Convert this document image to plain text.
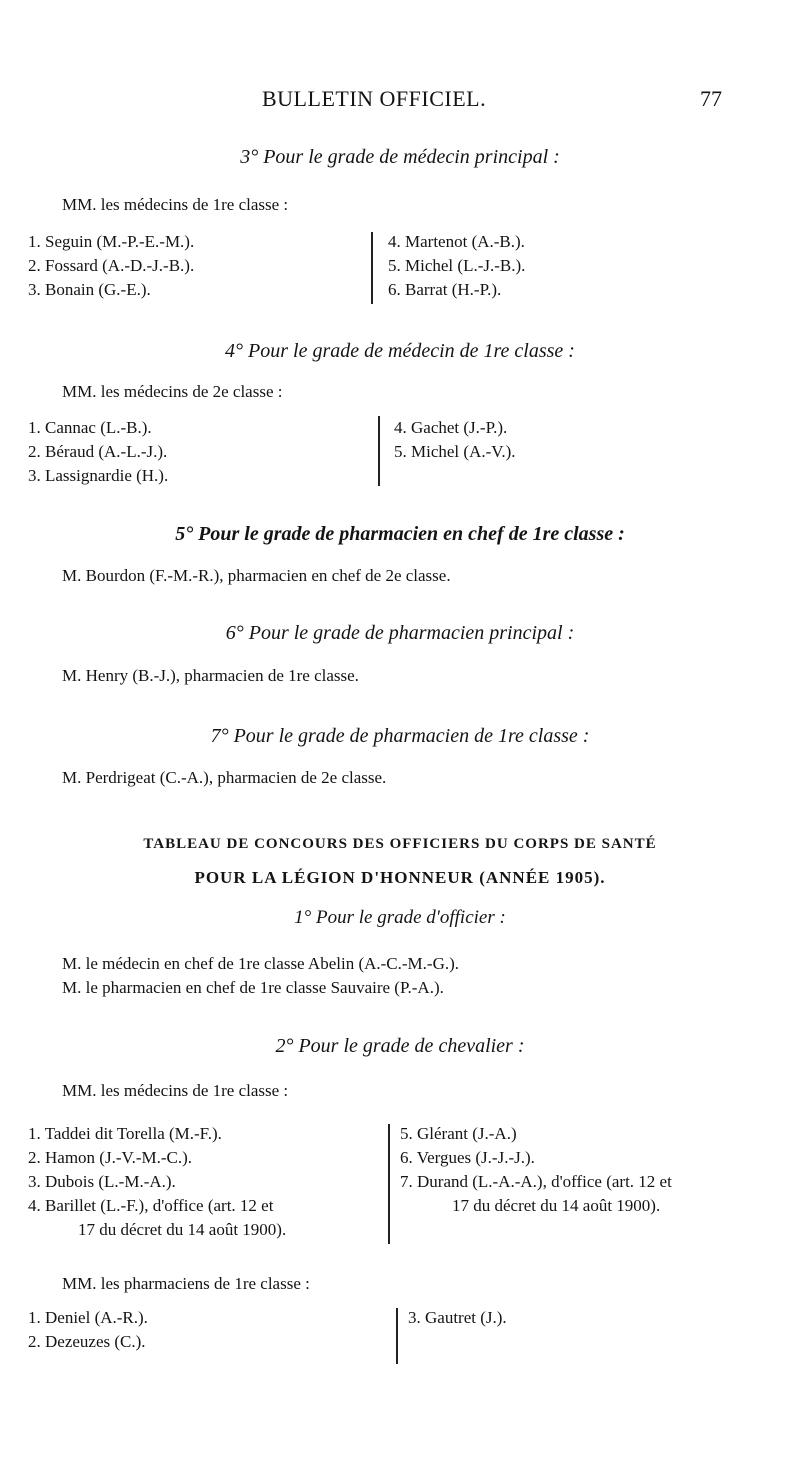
BULLETIN OFFICIEL.	77
3° Pour le grade de médecin principal :
MM. les médecins de 1re classe :
1. Seguin (M.-P.-E.-M.).
2. Fossard (A.-D.-J.-B.).
3. Bonain (G.-E.).
4. Martenot (A.-B.).
5. Michel (L.-J.-B.).
6. Barrat (H.-P.).
4° Pour le grade de médecin de 1re classe :
MM. les médecins de 2e classe :
1. Cannac (L.-B.).
2. Béraud (A.-L.-J.).
3. Lassignardie (H.).
4. Gachet (J.-P.).
5. Michel (A.-V.).
5° Pour le grade de pharmacien en chef de 1re classe :
M. Bourdon (F.-M.-R.), pharmacien en chef de 2e classe.
6° Pour le grade de pharmacien principal :
M. Henry (B.-J.), pharmacien de 1re classe.
7° Pour le grade de pharmacien de 1re classe :
M. Perdrigeat (C.-A.), pharmacien de 2e classe.
TABLEAU DE CONCOURS DES OFFICIERS DU CORPS DE SANTÉ
POUR LA LÉGION D'HONNEUR (ANNÉE 1905).
1° Pour le grade d'officier :
M. le médecin en chef de 1re classe Abelin (A.-C.-M.-G.).
M. le pharmacien en chef de 1re classe Sauvaire (P.-A.).
2° Pour le grade de chevalier :
MM. les médecins de 1re classe :
1. Taddei dit Torella (M.-F.).
2. Hamon (J.-V.-M.-C.).
3. Dubois (L.-M.-A.).
4. Barillet (L.-F.), d'office (art. 12 et
17 du décret du 14 août 1900).
5. Glérant (J.-A.)
6. Vergues (J.-J.-J.).
7. Durand (L.-A.-A.), d'office (art. 12 et
17 du décret du 14 août 1900).
MM. les pharmaciens de 1re classe :
1. Deniel (A.-R.).
2. Dezeuzes (C.).
3. Gautret (J.).
